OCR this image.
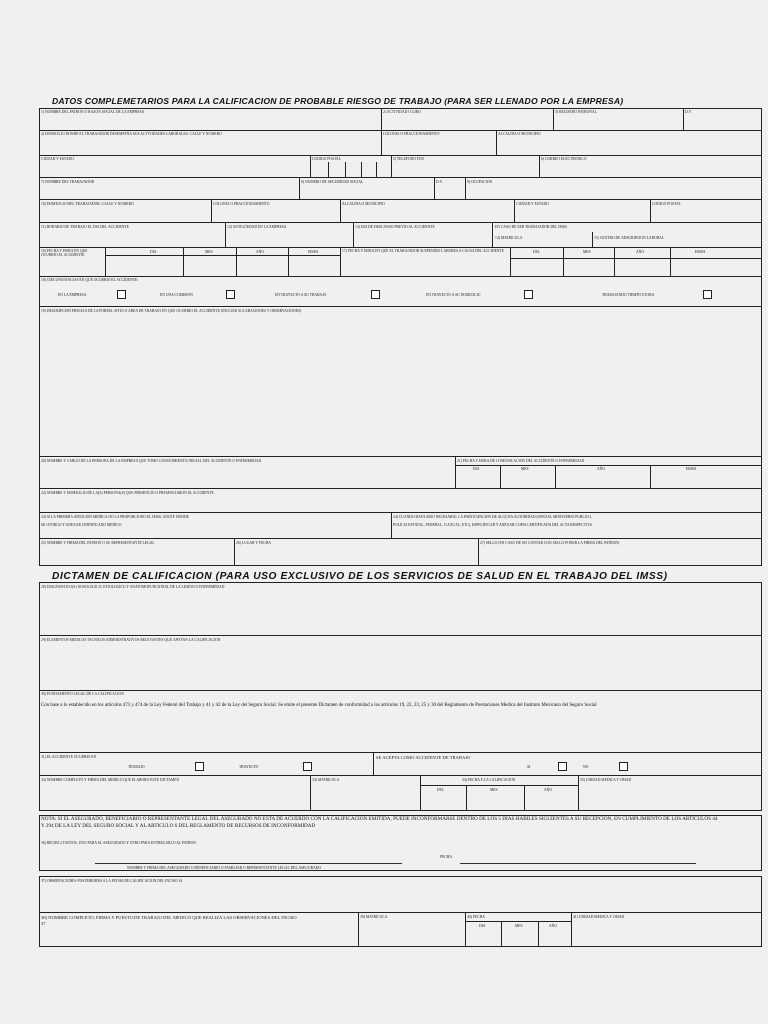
DATOS COMPLEMETARIOS PARA LA CALIFICACION DE PROBABLE RIESGO DE TRABAJO (PARA SER LLENADO POR LA EMPRESA)
1) NOMBRE DEL PATRON O RAZON SOCIAL DE LA EMPRESA	2) ACTIVIDAD O GIRO	3) REGISTRO PATRONAL	D.V.
4) DOMICILIO DONDE EL TRABAJADOR DESEMPEÑA SUS ACTIVIDADES LABORALES: CALLE Y NUMERO	COLONIA O FRACCIONAMIENTO	ALCALDIA O MUNICIPIO
CIUDAD Y ESTADO	CODIGO POSTAL	5) TELEFONO FIJO	6) CORREO ELECTRONICO
7) NOMBRE DEL TRABAJADOR	8) NUMERO DE SEGURIDAD SOCIAL	D.V.	9) OCUPACION
10) DOMICILIO DEL TRABAJADOR: CALLE Y NUMERO	COLONIA O FRACCIONAMIENTO	ALCALDIA O MUNICIPIO	CIUDAD Y ESTADO	CODIGO POSTAL
11) HORARIO DE TRABAJO EL DIA DEL ACCIDENTE	12) ANTIGÜEDAD EN LA EMPRESA	13) DIA DE DESCANSO PREVIO AL ACCIDENTE	EN CASO DE SER TRABAJADOR DEL IMSS
14) MATRICULA	15) CENTRO DE ADSCRIPCION LABORAL
16) FECHA Y HORA EN QUE OCURRIO EL ACCIDENTE
17) FECHA Y HORA EN QUE EL TRABAJADOR SUSPENDIO LABORES A CAUSA DEL ACCIDENTE
DIA	MES	AÑO	HORA	DIA	MES	AÑO	HORA
18) CIRCUNSTANCIAS EN QUE OCURRIO EL ACCIDENTE:
EN LA EMPRESA	EN UNA COMISION	EN TRAYECTO A SU TRABAJO	EN TRAYECTO A SU DOMICILIO	TRABAJANDO TIEMPO EXTRA
19) DESCRIPCION PRECISA DE LA FORMA, SITIO O AREA DE TRABAJO EN QUE OCURRIO EL ACCIDENTE (INCLUIR ACLARACIONES Y OBSERVACIONES)
20) NOMBRE Y CARGO DE LA PERSONA DE LA EMPRESA QUE TOMO CONOCIMIENTO INICIAL DEL ACCIDENTE O ENFERMEDAD	21) FECHA Y HORA DE COMUNICACION DEL ACCIDENTE O ENFERMEDAD
DIA	MES	AÑO	HORA
22) NOMBRE Y DOMICILIO DE LA(S) PERSONA(S) QUE PRESENCIO O PRESENCIARON EL ACCIDENTE
23) SI LA PRIMERA ATENCION MEDICA NO LA PROPORCIONO EL IMSS, ANOTE DONDE
SE OTORGO Y ANEXAR CERTIFICADO MEDICO
24) CUANDO HAYA SIDO NECESARIO, LA PARTICIPACION DE ALGUNA AUTORIDAD (OFICIAL MINISTERIO PUBLICO,
POLICIA ESTATAL, FEDERAL, O AXCAL, ETC), ESPECIFICAR Y ANEXAR COPIA CERTIFICADA DEL ACTA RESPECTIVA
25) NOMBRE Y FIRMA DEL PATRON O SU REPRESENTANTE LEGAL	26) LUGAR Y FECHA	27) SELLO (EN CASO DE NO CONTAR CON SELLO PONER LA FIRMA DEL PATRON)
DICTAMEN DE CALIFICACION (PARA USO EXCLUSIVO DE LOS SERVICIOS DE SALUD EN EL TRABAJO DEL IMSS)
28) DIAGNOSTICO(S) NOSOLOGICO, ETIOLOGICO Y ANATOMOFUNCIONAL DE LA LESION O ENFERMEDAD
29) ELEMENTOS MEDICOS TECNICOS ADMINISTRATIVOS RELEVANTES QUE APOYAN LA CALIFICACION
30) FUNDAMENTO LEGAL DE LA CALIFICACION
Con base a lo establecido en los artículos 473 y 474 de la Ley Federal del Trabajo y 41 y 42 de la Ley del Seguro Social. Se emite el presente Dictamen de conformidad a los artículos 19, 22, 23, 25 y 30 del Reglamento de Prestaciones Medica del Instituto Mexicano del Seguro Social
31) EL ACCIDENTE OCURRIO EN
TRABAJO	TRAYECTO
SE ACEPTA COMO ACCIDENTE DE TRABAJO
SI	NO
32) NOMBRE COMPLETO Y FIRMA DEL MEDICO QUE ELABORO ESTE DICTAMEN	33) MATRICULA	34) FECHA E LA CALIFICACION	35) UNIDAD MEDICA Y OMAD
DIA	MES	AÑO
NOTA: SI EL ASEGURADO, BENEFICIARIO O REPRESENTANTE LEGAL DEL ASEGURADO NO ESTA DE ACUERDO CON LA CALIFICACION EMITIDA, PUEDE INCONFORMARSE DENTRO DE LOS 5 DIAS HABILES SIGUIENTES A SU RECEPCION, EN CUMPLIMIENTO DE LOS ARTICULOS 44 Y 294 DE LA LEY DEL SEGURO SOCIAL Y AL ARTICULO 6 DEL REGLAMENTO DE RECURSOS DE INCONFORMIDAD
36) RECIBI 2 TANTOS, UNO PARA EL ASEGURADO Y OTRO PARA ENTREGARLO AL PATRON
NOMBRE Y FIRMA DEL ASEGURADO O BENEFICIARIO O FAMILIAR O REPRESENTANTE LEGAL DEL ASEGURADO
FECHA
37) OBSERVACIONES POSTERIORES A LA FECHA DE CALIFICACION DEL INCISO 34
38) NOMBRE COMPLETO, FIRMA Y PUESTO DE TRABAJO DEL MEDICO QUE REALIZA LAS OBSERVACIONES DEL INCISO
37
39) MATRICULA	40) FECHA	41) UNIDAD MEDICA Y OMAD
DIA	MES	AÑO
